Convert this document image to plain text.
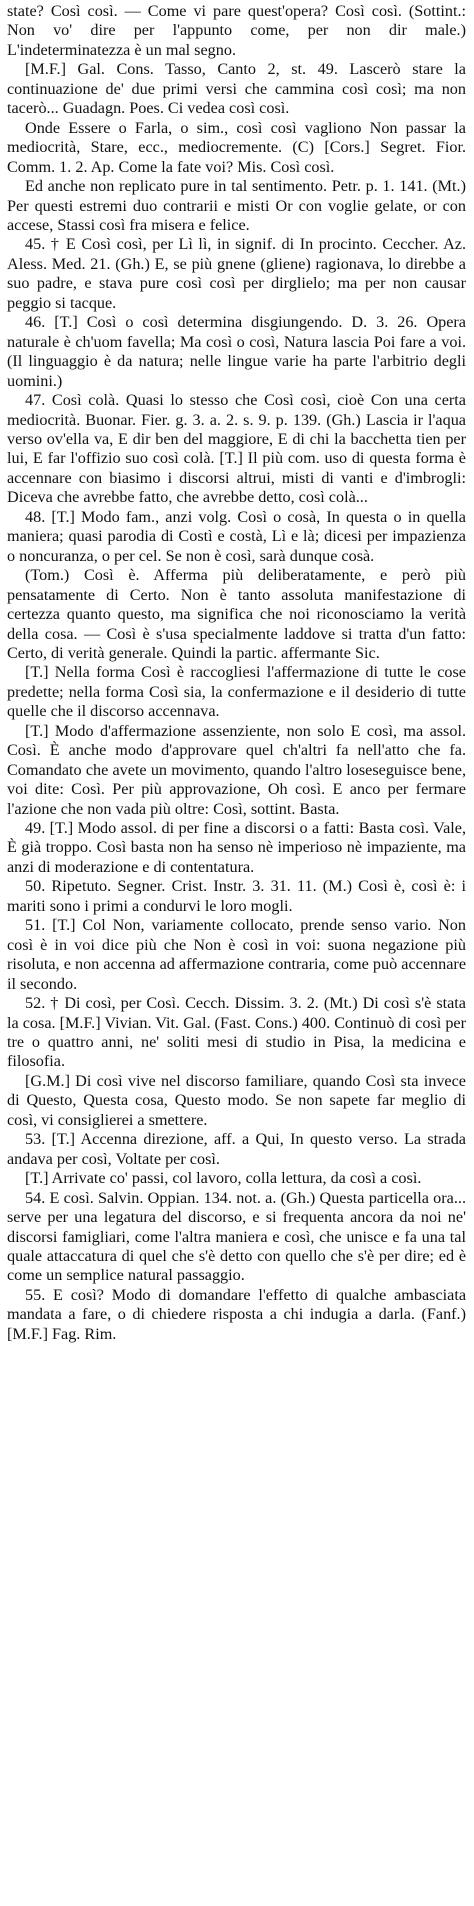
state? Così così. — Come vi pare quest'opera? Così così. (Sottint.: Non vo' dire per l'appunto come, per non dir male.) L'indeterminatezza è un mal segno.

[M.F.] Gal. Cons. Tasso, Canto 2, st. 49. Lascerò stare la continuazione de' due primi versi che cammina così così; ma non tacerò... Guadagn. Poes. Ci vedea così così.

Onde Essere o Farla, o sim., così così vagliono Non passar la mediocrità, Stare, ecc., mediocremente. (C) [Cors.] Segret. Fior. Comm. 1. 2. Ap. Come la fate voi? Mis. Così così.

Ed anche non replicato pure in tal sentimento. Petr. p. 1. 141. (Mt.) Per questi estremi duo contrarii e misti Or con voglie gelate, or con accese, Stassi così fra misera e felice.

45. † E Così così, per Lì lì, in signif. di In procinto. Ceccher. Az. Aless. Med. 21. (Gh.) E, se più gnene (gliene) ragionava, lo direbbe a suo padre, e stava pure così così per dirglielo; ma per non causar peggio si tacque.

46. [T.] Così o così determina disgiungendo. D. 3. 26. Opera naturale è ch'uom favella; Ma così o così, Natura lascia Poi fare a voi. (Il linguaggio è da natura; nelle lingue varie ha parte l'arbitrio degli uomini.)

47. Così colà. Quasi lo stesso che Così così, cioè Con una certa mediocrità. Buonar. Fier. g. 3. a. 2. s. 9. p. 139. (Gh.) Lascia ir l'aqua verso ov'ella va, E dir ben del maggiore, E di chi la bacchetta tien per lui, E far l'offizio suo così colà. [T.] Il più com. uso di questa forma è accennare con biasimo i discorsi altrui, misti di vanti e d'imbrogli: Diceva che avrebbe fatto, che avrebbe detto, così colà...

48. [T.] Modo fam., anzi volg. Così o cosà, In questa o in quella maniera; quasi parodia di Costì e costà, Lì e là; dicesi per impazienza o noncuranza, o per cel. Se non è così, sarà dunque cosà.

(Tom.) Così è. Afferma più deliberatamente, e però più pensatamente di Certo. Non è tanto assoluta manifestazione di certezza quanto questo, ma significa che noi riconosciamo la verità della cosa. — Così è s'usa specialmente laddove si tratta d'un fatto: Certo, di verità generale. Quindi la partic. affermante Sic.

[T.] Nella forma Così è raccogliesi l'affermazione di tutte le cose predette; nella forma Così sia, la confermazione e il desiderio di tutte quelle che il discorso accennava.

[T.] Modo d'affermazione assenziente, non solo E così, ma assol. Così. È anche modo d'approvare quel ch'altri fa nell'atto che fa. Comandato che avete un movimento, quando l'altro loseseguisce bene, voi dite: Così. Per più approvazione, Oh così. E anco per fermare l'azione che non vada più oltre: Così, sottint. Basta.

49. [T.] Modo assol. di per fine a discorsi o a fatti: Basta così. Vale, È già troppo. Così basta non ha senso nè imperioso nè impaziente, ma anzi di moderazione e di contentatura.

50. Ripetuto. Segner. Crist. Instr. 3. 31. 11. (M.) Così è, così è: i mariti sono i primi a condurvi le loro mogli.

51. [T.] Col Non, variamente collocato, prende senso vario. Non così è in voi dice più che Non è così in voi: suona negazione più risoluta, e non accenna ad affermazione contraria, come può accennare il secondo.

52. † Di così, per Così. Cecch. Dissim. 3. 2. (Mt.) Di così s'è stata la cosa. [M.F.] Vivian. Vit. Gal. (Fast. Cons.) 400. Continuò di così per tre o quattro anni, ne' soliti mesi di studio in Pisa, la medicina e filosofia.

[G.M.] Di così vive nel discorso familiare, quando Così sta invece di Questo, Questa cosa, Questo modo. Se non sapete far meglio di così, vi consiglierei a smettere.

53. [T.] Accenna direzione, aff. a Qui, In questo verso. La strada andava per così, Voltate per così.

[T.] Arrivate co' passi, col lavoro, colla lettura, da così a così.

54. E così. Salvin. Oppian. 134. not. a. (Gh.) Questa particella ora... serve per una legatura del discorso, e si frequenta ancora da noi ne' discorsi famigliari, come l'altra maniera e così, che unisce e fa una tal quale attaccatura di quel che s'è detto con quello che s'è per dire; ed è come un semplice natural passaggio.

55. E così? Modo di domandare l'effetto di qualche ambasciata mandata a fare, o di chiedere risposta a chi indugia a darla. (Fanf.) [M.F.] Fag. Rim.
